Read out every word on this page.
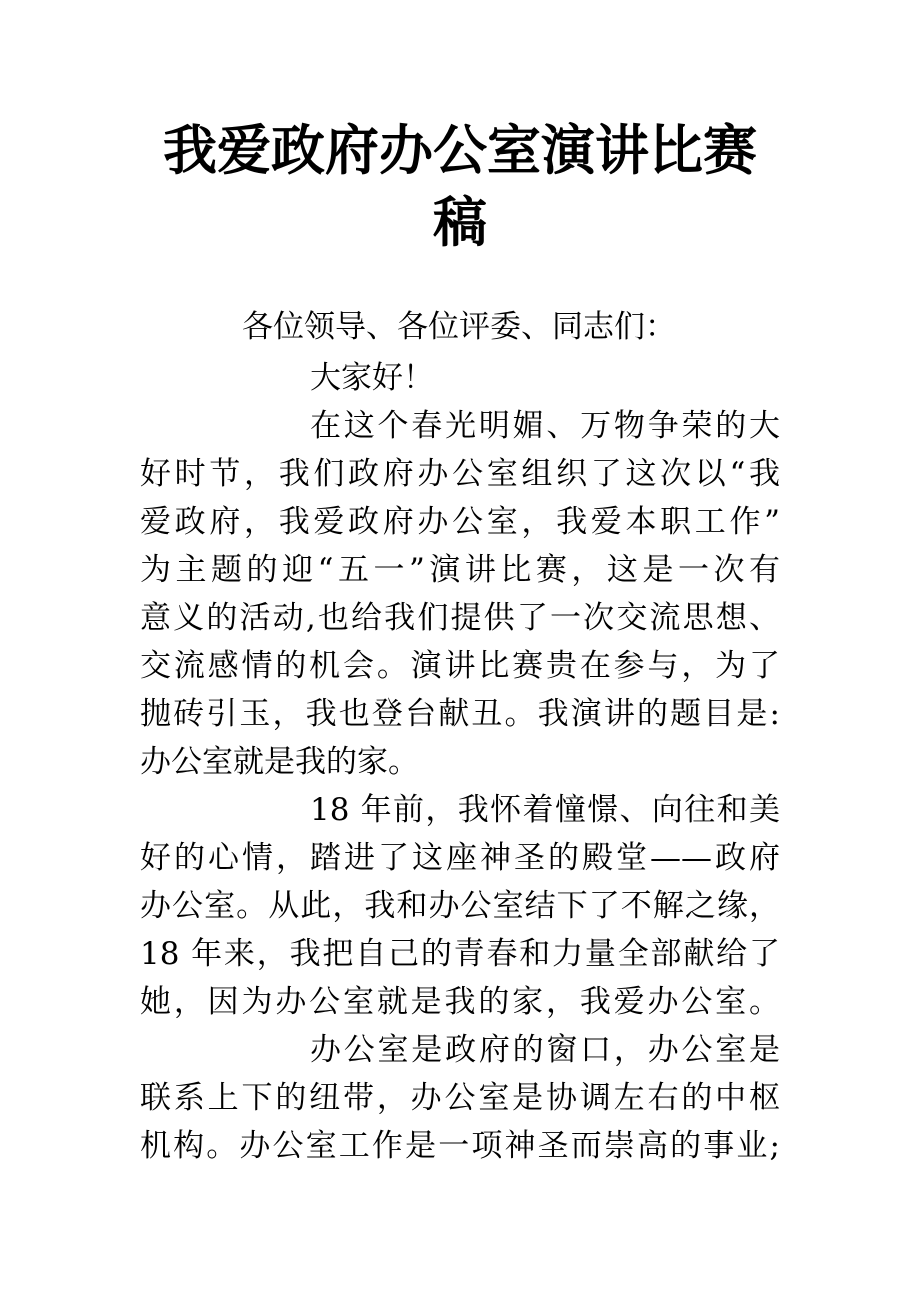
我爱政府办公室演讲比赛
稿
各位领导、各位评委、同志们：
大家好！
在这个春光明媚、万物争荣的大
好时节，我们政府办公室组织了这次以“我
爱政府，我爱政府办公室，我爱本职工作”
为主题的迎“五一”演讲比赛，这是一次有
意义的活动,也给我们提供了一次交流思想、
交流感情的机会。演讲比赛贵在参与，为了
抛砖引玉，我也登台献丑。我演讲的题目是:
办公室就是我的家。
18 年前，我怀着憧憬、向往和美
好的心情，踏进了这座神圣的殿堂——政府
办公室。从此，我和办公室结下了不解之缘，
18 年来，我把自己的青春和力量全部献给了
她，因为办公室就是我的家，我爱办公室。
办公室是政府的窗口，办公室是
联系上下的纽带，办公室是协调左右的中枢
机构。办公室工作是一项神圣而崇高的事业;
